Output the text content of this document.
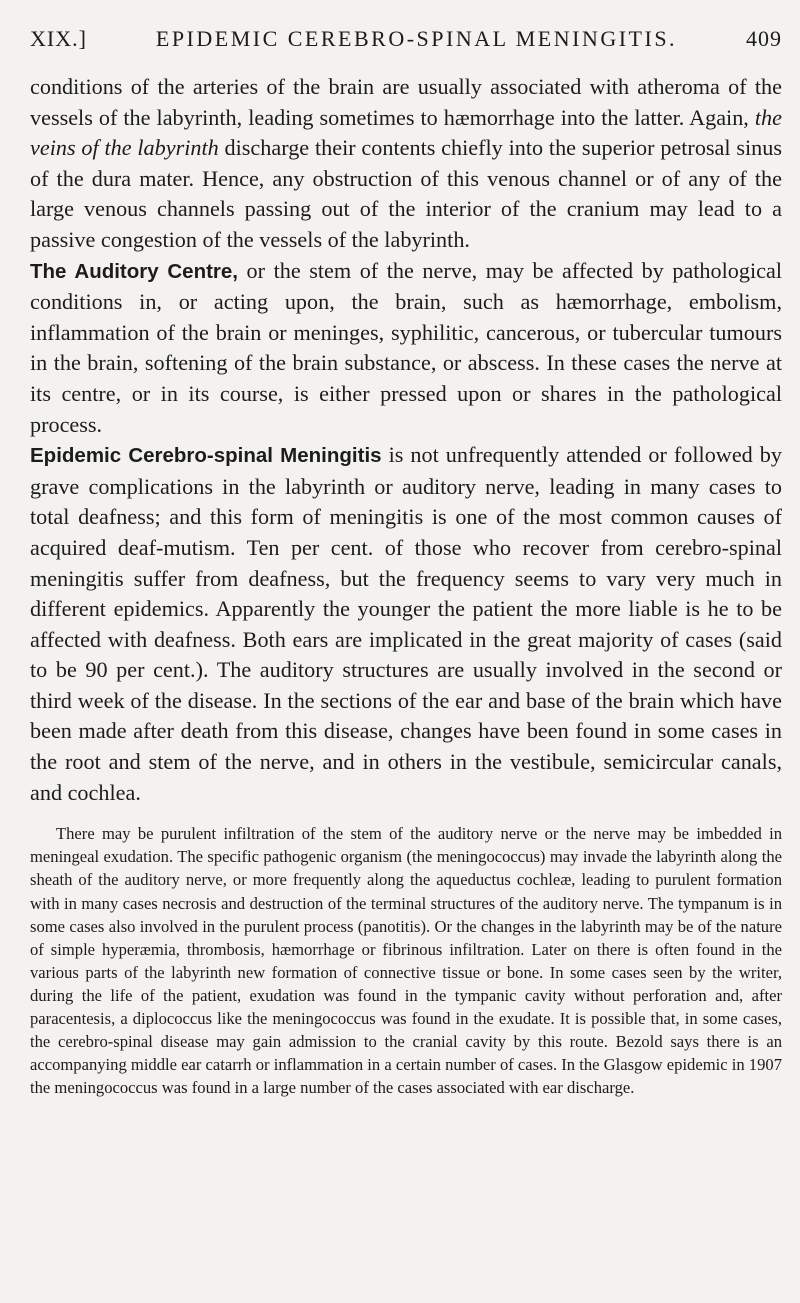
XIX.]	EPIDEMIC CEREBRO-SPINAL MENINGITIS.	409

conditions of the arteries of the brain are usually associated with atheroma of the vessels of the labyrinth, leading sometimes to hæmorrhage into the latter. Again, the veins of the labyrinth discharge their contents chiefly into the superior petrosal sinus of the dura mater. Hence, any obstruction of this venous channel or of any of the large venous channels passing out of the interior of the cranium may lead to a passive congestion of the vessels of the labyrinth.

The Auditory Centre, or the stem of the nerve, may be affected by pathological conditions in, or acting upon, the brain, such as hæmorrhage, embolism, inflammation of the brain or meninges, syphilitic, cancerous, or tubercular tumours in the brain, softening of the brain substance, or abscess. In these cases the nerve at its centre, or in its course, is either pressed upon or shares in the pathological process.

Epidemic Cerebro-spinal Meningitis is not unfrequently attended or followed by grave complications in the labyrinth or auditory nerve, leading in many cases to total deafness; and this form of meningitis is one of the most common causes of acquired deaf-mutism. Ten per cent. of those who recover from cerebro-spinal meningitis suffer from deafness, but the frequency seems to vary very much in different epidemics. Apparently the younger the patient the more liable is he to be affected with deafness. Both ears are implicated in the great majority of cases (said to be 90 per cent.). The auditory structures are usually involved in the second or third week of the disease. In the sections of the ear and base of the brain which have been made after death from this disease, changes have been found in some cases in the root and stem of the nerve, and in others in the vestibule, semicircular canals, and cochlea.

There may be purulent infiltration of the stem of the auditory nerve or the nerve may be imbedded in meningeal exudation. The specific pathogenic organism (the meningococcus) may invade the labyrinth along the sheath of the auditory nerve, or more frequently along the aqueductus cochleæ, leading to purulent formation with in many cases necrosis and destruction of the terminal structures of the auditory nerve. The tympanum is in some cases also involved in the purulent process (panotitis). Or the changes in the labyrinth may be of the nature of simple hyperæmia, thrombosis, hæmorrhage or fibrinous infiltration. Later on there is often found in the various parts of the labyrinth new formation of connective tissue or bone. In some cases seen by the writer, during the life of the patient, exudation was found in the tympanic cavity without perforation and, after paracentesis, a diplococcus like the meningococcus was found in the exudate. It is possible that, in some cases, the cerebro-spinal disease may gain admission to the cranial cavity by this route. Bezold says there is an accompanying middle ear catarrh or inflammation in a certain number of cases. In the Glasgow epidemic in 1907 the meningococcus was found in a large number of the cases associated with ear discharge.
